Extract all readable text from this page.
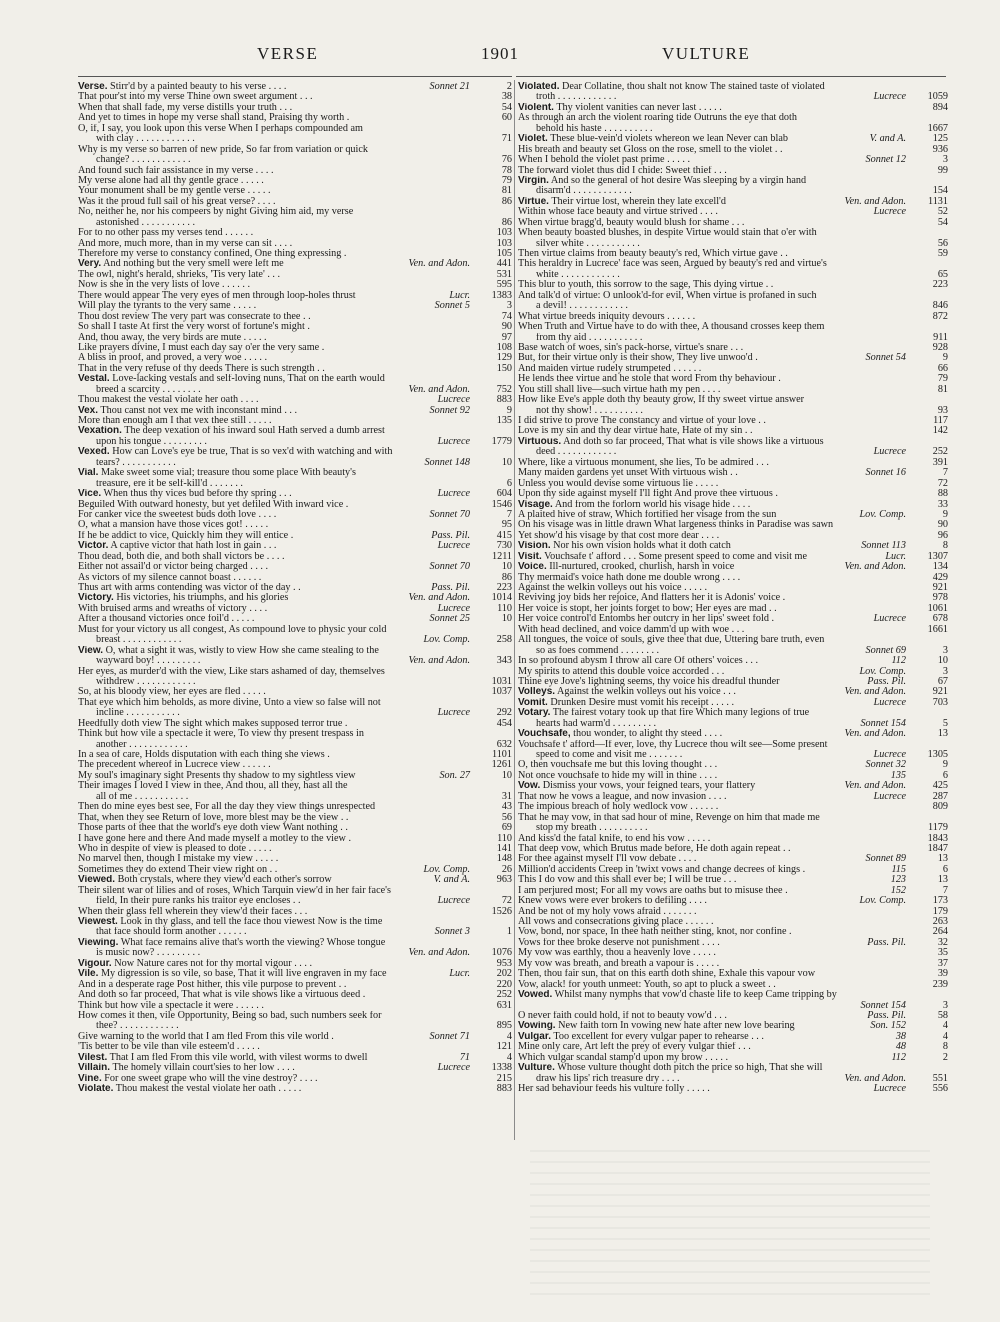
VERSE	1901	VULTURE
Verse. Stirr'd by a painted beauty to his verse . . . .	Sonnet 21	2
That pour'st into my verse Thine own sweet argument . . .	38
When that shall fade, my verse distills your truth . . .	54
And yet to times in hope my verse shall stand, Praising thy worth .	60
O, if, I say, you look upon this verse When I perhaps compounded am
with clay . . . . . . . . . . . .	71
Why is my verse so barren of new pride, So far from variation or quick
change? . . . . . . . . . . . .	76
And found such fair assistance in my verse . . . .	78
My verse alone had all thy gentle grace . . . . .	79
Your monument shall be my gentle verse . . . . .	81
Was it the proud full sail of his great verse? . . . .	86
No, neither he, nor his compeers by night Giving him aid, my verse
astonished . . . . . . . . . . .	86
For to no other pass my verses tend . . . . . .	103
And more, much more, than in my verse can sit . . . .	103
Therefore my verse to constancy confined, One thing expressing .	105
Very. And nothing but the very smell were left me	Ven. and Adon.	441
The owl, night's herald, shrieks, 'Tis very late' . . .	531
Now is she in the very lists of love . . . . . .	595
There would appear The very eyes of men through loop-holes thrust	Lucr.	1383
Will play the tyrants to the very same . . . . .	Sonnet 5	3
Thou dost review The very part was consecrate to thee . .	74
So shall I taste At first the very worst of fortune's might .	90
And, thou away, the very birds are mute . . . . .	97
Like prayers divine, I must each day say o'er the very same .	108
A bliss in proof, and proved, a very woe . . . . .	129
That in the very refuse of thy deeds There is such strength . .	150
Vestal. Love-lacking vestals and self-loving nuns, That on the earth would
breed a scarcity . . . . . . . .	Ven. and Adon.	752
Thou makest the vestal violate her oath . . . .	Lucrece	883
Vex. Thou canst not vex me with inconstant mind . . .	Sonnet 92	9
More than enough am I that vex thee still . . . . .	135
Vexation. The deep vexation of his inward soul Hath served a dumb arrest
upon his tongue . . . . . . . . .	Lucrece	1779
Vexed. How can Love's eye be true, That is so vex'd with watching and with
tears? . . . . . . . . . . .	Sonnet 148	10
Vial. Make sweet some vial; treasure thou some place With beauty's
treasure, ere it be self-kill'd . . . . . . .	6
Vice. When thus thy vices bud before thy spring . . .	Lucrece	604
Beguiled With outward honesty, but yet defiled With inward vice .	1546
For canker vice the sweetest buds doth love . . . .	Sonnet 70	7
O, what a mansion have those vices got! . . . . .	95
If he be addict to vice, Quickly him they will entice .	Pass. Pil.	415
Victor. A captive victor that hath lost in gain . . .	Lucrece	730
Thou dead, both die, and both shall victors be . . . .	1211
Either not assail'd or victor being charged . . . .	Sonnet 70	10
As victors of my silence cannot boast . . . . . .	86
Thus art with arms contending was victor of the day . .	Pass. Pil.	223
Victory. His victories, his triumphs, and his glories	Ven. and Adon.	1014
With bruised arms and wreaths of victory . . . .	Lucrece	110
After a thousand victories once foil'd . . . . .	Sonnet 25	10
Must for your victory us all congest, As compound love to physic your cold
breast . . . . . . . . . . . .	Lov. Comp.	258
View. O, what a sight it was, wistly to view How she came stealing to the
wayward boy! . . . . . . . . .	Ven. and Adon.	343
Her eyes, as murder'd with the view, Like stars ashamed of day, themselves
withdrew . . . . . . . . . . . .	1031
So, at his bloody view, her eyes are fled . . . . .	1037
That eye which him beholds, as more divine, Unto a view so false will not
incline . . . . . . . . . . .	Lucrece	292
Heedfully doth view The sight which makes supposed terror true .	454
Think but how vile a spectacle it were, To view thy present trespass in
another . . . . . . . . . . . .	632
In a sea of care, Holds disputation with each thing she views .	1101
The precedent whereof in Lucrece view . . . . . .	1261
My soul's imaginary sight Presents thy shadow to my sightless view	Son. 27	10
Their images I loved I view in thee, And thou, all they, hast all the
all of me . . . . . . . . . . .	31
Then do mine eyes best see, For all the day they view things unrespected	43
That, when they see Return of love, more blest may be the view . .	56
Those parts of thee that the world's eye doth view Want nothing . .	69
I have gone here and there And made myself a motley to the view .	110
Who in despite of view is pleased to dote . . . . .	141
No marvel then, though I mistake my view . . . . .	148
Sometimes they do extend Their view right on . .	Lov. Comp.	26
Viewed. Both crystals, where they view'd each other's sorrow	V. and A.	963
Their silent war of lilies and of roses, Which Tarquin view'd in her fair face's
field, In their pure ranks his traitor eye encloses . .	Lucrece	72
When their glass fell wherein they view'd their faces . . .	1526
Viewest. Look in thy glass, and tell the face thou viewest Now is the time
that face should form another . . . . . .	Sonnet 3	1
Viewing. What face remains alive that's worth the viewing? Whose tongue
is music now? . . . . . . . . .	Ven. and Adon.	1076
Vigour. Now Nature cares not for thy mortal vigour . . . .	953
Vile. My digression is so vile, so base, That it will live engraven in my face	Lucr.	202
And in a desperate rage Post hither, this vile purpose to prevent . .	220
And doth so far proceed, That what is vile shows like a virtuous deed .	252
Think but how vile a spectacle it were . . . . . .	631
How comes it then, vile Opportunity, Being so bad, such numbers seek for
thee? . . . . . . . . . . . .	895
Give warning to the world that I am fled From this vile world .	Sonnet 71	4
'Tis better to be vile than vile esteem'd . . . . .	121
Vilest. That I am fled From this vile world, with vilest worms to dwell	71	4
Villain. The homely villain court'sies to her low . . . .	Lucrece	1338
Vine. For one sweet grape who will the vine destroy? . . . .	215
Violate. Thou makest the vestal violate her oath . . . . .	883
Violated. Dear Collatine, thou shalt not know The stained taste of violated
troth . . . . . . . . . . . .	Lucrece	1059
Violent. Thy violent vanities can never last . . . . .	894
As through an arch the violent roaring tide Outruns the eye that doth
behold his haste . . . . . . . . . .	1667
Violet. These blue-vein'd violets whereon we lean Never can blab	V. and A.	125
His breath and beauty set Gloss on the rose, smell to the violet . .	936
When I behold the violet past prime . . . . .	Sonnet 12	3
The forward violet thus did I chide: Sweet thief . . .	99
Virgin. And so the general of hot desire Was sleeping by a virgin hand
disarm'd . . . . . . . . . . . .	154
Virtue. Their virtue lost, wherein they late excell'd	Ven. and Adon.	1131
Within whose face beauty and virtue strived . . . .	Lucrece	52
When virtue bragg'd, beauty would blush for shame . . .	54
When beauty boasted blushes, in despite Virtue would stain that o'er with
silver white . . . . . . . . . . .	56
Then virtue claims from beauty beauty's red, Which virtue gave . .	59
This heraldry in Lucrece' face was seen, Argued by beauty's red and virtue's
white . . . . . . . . . . . .	65
This blur to youth, this sorrow to the sage, This dying virtue . .	223
And talk'd of virtue: O unlook'd-for evil, When virtue is profaned in such
a devil! . . . . . . . . . . . .	846
What virtue breeds iniquity devours . . . . . .	872
When Truth and Virtue have to do with thee, A thousand crosses keep them
from thy aid . . . . . . . . . . .	911
Base watch of woes, sin's pack-horse, virtue's snare . . .	928
But, for their virtue only is their show, They live unwoo'd .	Sonnet 54	9
And maiden virtue rudely strumpeted . . . . . .	66
He lends thee virtue and he stole that word From thy behaviour .	79
You still shall live—such virtue hath my pen . . . .	81
How like Eve's apple doth thy beauty grow, If thy sweet virtue answer
not thy show! . . . . . . . . . .	93
I did strive to prove The constancy and virtue of your love . .	117
Love is my sin and thy dear virtue hate, Hate of my sin . .	142
Virtuous. And doth so far proceed, That what is vile shows like a virtuous
deed . . . . . . . . . . . .	Lucrece	252
Where, like a virtuous monument, she lies, To be admired . . .	391
Many maiden gardens yet unset With virtuous wish . .	Sonnet 16	7
Unless you would devise some virtuous lie . . . . .	72
Upon thy side against myself I'll fight And prove thee virtuous .	88
Visage. And from the forlorn world his visage hide . . . .	33
A plaited hive of straw, Which fortified her visage from the sun	Lov. Comp.	9
On his visage was in little drawn What largeness thinks in Paradise was sawn	90
Yet show'd his visage by that cost more dear . . . .	96
Vision. Nor his own vision holds what it doth catch	Sonnet 113	8
Visit. Vouchsafe t' afford . . . Some present speed to come and visit me	Lucr.	1307
Voice. Ill-nurtured, crooked, churlish, harsh in voice	Ven. and Adon.	134
Thy mermaid's voice hath done me double wrong . . . .	429
Against the welkin volleys out his voice . . . . .	921
Reviving joy bids her rejoice, And flatters her it is Adonis' voice .	978
Her voice is stopt, her joints forget to bow; Her eyes are mad . .	1061
Her voice control'd Entombs her outcry in her lips' sweet fold .	Lucrece	678
With head declined, and voice damm'd up with woe . . .	1661
All tongues, the voice of souls, give thee that due, Uttering bare truth, even
so as foes commend . . . . . . . .	Sonnet 69	3
In so profound abysm I throw all care Of others' voices . . .	112	10
My spirits to attend this double voice accorded . . .	Lov. Comp.	3
Thine eye Jove's lightning seems, thy voice his dreadful thunder	Pass. Pil.	67
Volleys. Against the welkin volleys out his voice . . .	Ven. and Adon.	921
Vomit. Drunken Desire must vomit his receipt . . . . .	Lucrece	703
Votary. The fairest votary took up that fire Which many legions of true
hearts had warm'd . . . . . . . . .	Sonnet 154	5
Vouchsafe, thou wonder, to alight thy steed . . . .	Ven. and Adon.	13
Vouchsafe t' afford—If ever, love, thy Lucrece thou wilt see—Some present
speed to come and visit me . . . . . . .	Lucrece	1305
O, then vouchsafe me but this loving thought . . .	Sonnet 32	9
Not once vouchsafe to hide my will in thine . . . .	135	6
Vow. Dismiss your vows, your feigned tears, your flattery	Ven. and Adon.	425
That now he vows a league, and now invasion . . . .	Lucrece	287
The impious breach of holy wedlock vow . . . . . .	809
That he may vow, in that sad hour of mine, Revenge on him that made me
stop my breath . . . . . . . . . .	1179
And kiss'd the fatal knife, to end his vow . . . . .	1843
That deep vow, which Brutus made before, He doth again repeat . .	1847
For thee against myself I'll vow debate . . . .	Sonnet 89	13
Million'd accidents Creep in 'twixt vows and change decrees of kings .	115	6
This I do vow and this shall ever be; I will be true . . .	123	13
I am perjured most; For all my vows are oaths but to misuse thee .	152	7
Knew vows were ever brokers to defiling . . . .	Lov. Comp.	173
And be not of my holy vows afraid . . . . . . .	179
All vows and consecrations giving place . . . . . .	263
Vow, bond, nor space, In thee hath neither sting, knot, nor confine .	264
Vows for thee broke deserve not punishment . . . .	Pass. Pil.	32
My vow was earthly, thou a heavenly love . . . . .	35
My vow was breath, and breath a vapour is . . . . .	37
Then, thou fair sun, that on this earth doth shine, Exhale this vapour vow	39
Vow, alack! for youth unmeet: Youth, so apt to pluck a sweet . .	239
Vowed. Whilst many nymphs that vow'd chaste life to keep Came tripping by
Sonnet 154	3
O never faith could hold, if not to beauty vow'd . . .	Pass. Pil.	58
Vowing. New faith torn In vowing new hate after new love bearing	Son. 152	4
Vulgar. Too excellent for every vulgar paper to rehearse . . .	38	4
Mine only care, Art left the prey of every vulgar thief . . .	48	8
Which vulgar scandal stamp'd upon my brow . . . . .	112	2
Vulture. Whose vulture thought doth pitch the price so high, That she will
draw his lips' rich treasure dry . . . .	Ven. and Adon.	551
Her sad behaviour feeds his vulture folly . . . . .	Lucrece	556
